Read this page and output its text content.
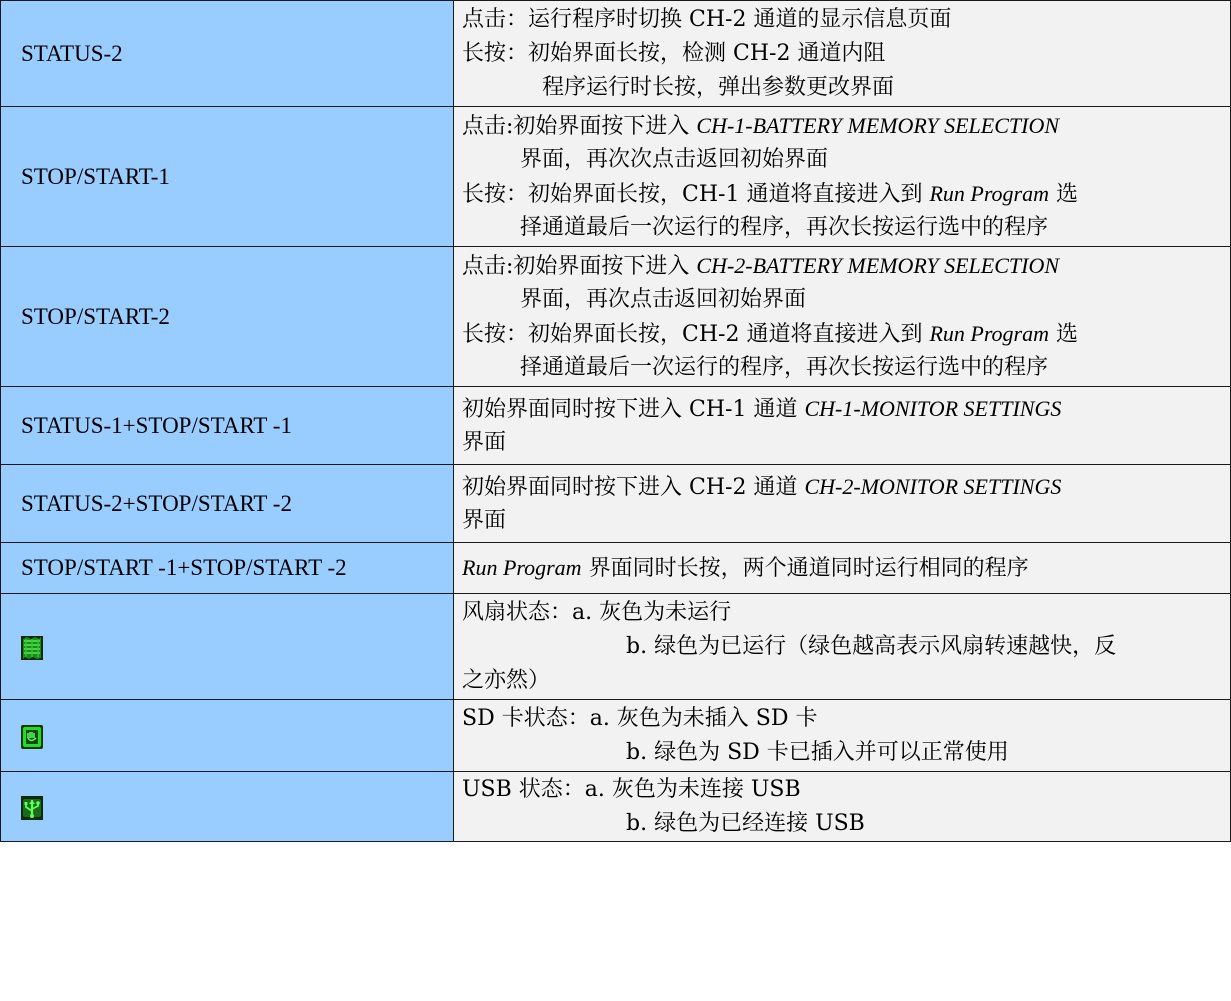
STATUS-2	点击：运行程序时切换 CH-2 通道的显示信息页面
长按：初始界面长按，检测 CH-2 通道内阻
程序运行时长按，弹出参数更改界面

STOP/START-1	点击:初始界面按下进入 CH-1-BATTERY MEMORY SELECTION
界面，再次次点击返回初始界面
长按：初始界面长按，CH-1 通道将直接进入到 Run Program 选
择通道最后一次运行的程序，再次长按运行选中的程序

STOP/START-2	点击:初始界面按下进入 CH-2-BATTERY MEMORY SELECTION
界面，再次点击返回初始界面
长按：初始界面长按，CH-2 通道将直接进入到 Run Program 选
择通道最后一次运行的程序，再次长按运行选中的程序

STATUS-1+STOP/START -1	初始界面同时按下进入 CH-1 通道 CH-1-MONITOR SETTINGS
界面

STATUS-2+STOP/START -2	初始界面同时按下进入 CH-2 通道 CH-2-MONITOR SETTINGS
界面

STOP/START -1+STOP/START -2	Run Program 界面同时长按，两个通道同时运行相同的程序

风扇状态：a. 灰色为未运行
b. 绿色为已运行（绿色越高表示风扇转速越快，反
之亦然）

SD 卡状态：a. 灰色为未插入 SD 卡
b. 绿色为 SD 卡已插入并可以正常使用

USB 状态：a. 灰色为未连接 USB
b. 绿色为已经连接 USB
